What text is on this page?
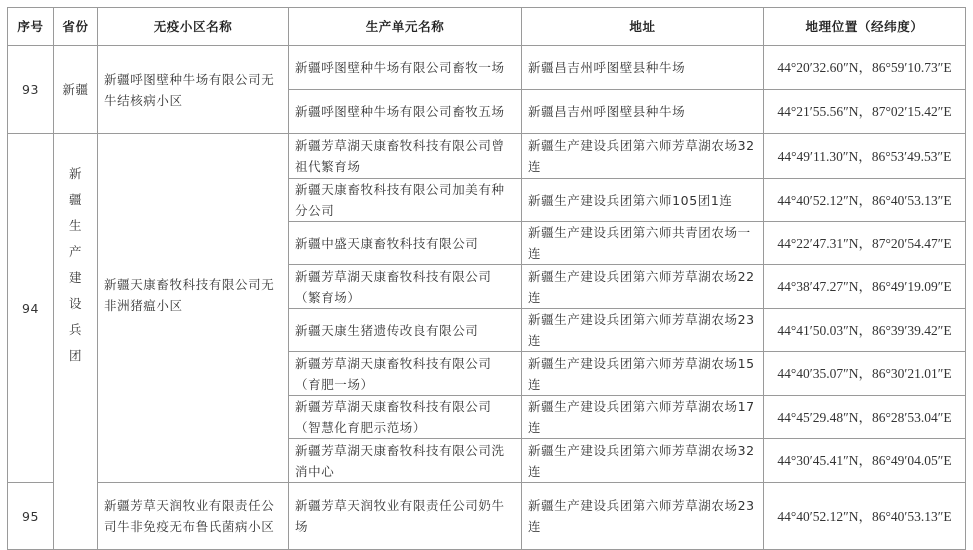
序号	省份	无疫小区名称	生产单元名称	地址	地理位置（经纬度）
93	新疆	新疆呼图壁种牛场有限公司无牛结核病小区	新疆呼图壁种牛场有限公司畜牧一场	新疆昌吉州呼图壁县种牛场	44°20′32.60″N，86°59′10.73″E
			新疆呼图壁种牛场有限公司畜牧五场	新疆昌吉州呼图壁县种牛场	44°21′55.56″N，87°02′15.42″E
94	新疆生产建设兵团	新疆天康畜牧科技有限公司无非洲猪瘟小区	新疆芳草湖天康畜牧科技有限公司曾祖代繁育场	新疆生产建设兵团第六师芳草湖农场32连	44°49′11.30″N，86°53′49.53″E
			新疆天康畜牧科技有限公司加美有种分公司	新疆生产建设兵团第六师105团1连	44°40′52.12″N，86°40′53.13″E
			新疆中盛天康畜牧科技有限公司	新疆生产建设兵团第六师共青团农场一连	44°22′47.31″N，87°20′54.47″E
			新疆芳草湖天康畜牧科技有限公司（繁育场）	新疆生产建设兵团第六师芳草湖农场22连	44°38′47.27″N，86°49′19.09″E
			新疆天康生猪遗传改良有限公司	新疆生产建设兵团第六师芳草湖农场23连	44°41′50.03″N，86°39′39.42″E
			新疆芳草湖天康畜牧科技有限公司（育肥一场）	新疆生产建设兵团第六师芳草湖农场15连	44°40′35.07″N，86°30′21.01″E
			新疆芳草湖天康畜牧科技有限公司（智慧化育肥示范场）	新疆生产建设兵团第六师芳草湖农场17连	44°45′29.48″N，86°28′53.04″E
			新疆芳草湖天康畜牧科技有限公司洗消中心	新疆生产建设兵团第六师芳草湖农场32连	44°30′45.41″N，86°49′04.05″E
95		新疆芳草天润牧业有限责任公司牛非免疫无布鲁氏菌病小区	新疆芳草天润牧业有限责任公司奶牛场	新疆生产建设兵团第六师芳草湖农场23连	44°40′52.12″N，86°40′53.13″E
